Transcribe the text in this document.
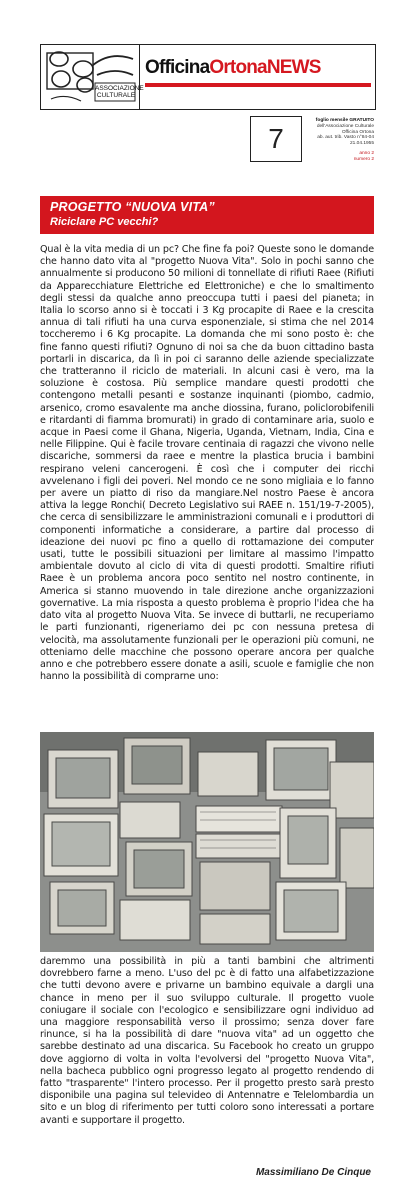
ASSOCIAZIONE CULTURALE
OfficinaOrtonaNEWS
7
foglio mensile GRATUITO
dell'Associazione Culturale
Officina Ortona
ab. aut. trib. Vasto n°84-04
21.04.1955
anno 2
numero 2
PROGETTO “NUOVA VITA”
Riciclare PC vecchi?
Qual è la vita media di un pc? Che fine fa poi? Queste sono le domande che hanno dato vita al "progetto Nuova Vita". Solo in pochi sanno che annualmente si producono 50 milioni di tonnellate di rifiuti Raee (Rifiuti da Apparecchiature Elettriche ed Elettroniche) e che lo smaltimento degli stessi da qualche anno preoccupa tutti i paesi del pianeta; in Italia lo scorso anno si è toccati i 3 Kg procapite di Raee e la crescita annua di tali rifiuti ha una curva esponenziale, si stima che nel 2014 toccheremo i 6 Kg procapite. La domanda che mi sono posto è: che fine fanno questi rifiuti? Ognuno di noi sa che da buon cittadino basta portarli in discarica, da lì in poi ci saranno delle aziende specializzate che tratteranno il riciclo de materiali. In alcuni casi è vero, ma la soluzione è costosa. Più semplice mandare questi prodotti che contengono metalli pesanti e sostanze inquinanti (piombo, cadmio, arsenico, cromo esavalente ma anche diossina, furano, policlorobifenili e ritardanti di fiamma bromurati) in grado di contaminare aria, suolo e acque in Paesi come il Ghana, Nigeria, Uganda, Vietnam, India, Cina e nelle Filippine. Qui è facile trovare centinaia di ragazzi che vivono nelle discariche, sommersi da raee e mentre la plastica brucia i bambini respirano veleni cancerogeni. È così che i computer dei ricchi avvelenano i figli dei poveri. Nel mondo ce ne sono migliaia e lo fanno per avere un piatto di riso da mangiare.Nel nostro Paese è ancora attiva la legge Ronchi( Decreto Legislativo sui RAEE n. 151/19-7-2005), che cerca di sensibilizzare le amministrazioni comunali e i produttori di componenti informatiche a considerare, a partire dal processo di ideazione dei nuovi pc fino a quello di rottamazione dei computer usati, tutte le possibili situazioni per limitare al massimo l'impatto ambientale dovuto al ciclo di vita di questi prodotti. Smaltire rifiuti Raee è un problema ancora poco sentito nel nostro continente, in America si stanno muovendo in tale direzione anche organizzazioni governative. La mia risposta a questo problema è proprio l'idea che ha dato vita al progetto Nuova Vita. Se invece di buttarli, ne recuperiamo le parti funzionanti, rigeneriamo dei pc con nessuna pretesa di velocità, ma assolutamente funzionali per le operazioni più comuni, ne otteniamo delle macchine che possono operare ancora per qualche anno e che potrebbero essere donate a asili, scuole e famiglie che non hanno la possibilità di comprarne uno:
daremmo una possibilità in più a tanti bambini che altrimenti dovrebbero farne a meno. L'uso del pc è di fatto una alfabetizzazione che tutti devono avere e privarne un bambino equivale a dargli una chance in meno per il suo sviluppo culturale. Il progetto vuole coniugare il sociale con l'ecologico e sensibilizzare ogni individuo ad una maggiore responsabilità verso il prossimo; senza dover fare rinunce, si ha la possibilità di dare "nuova vita" ad un oggetto che sarebbe destinato ad una discarica. Su Facebook ho creato un gruppo dove aggiorno di volta in volta l'evolversi del "progetto Nuova Vita", nella bacheca pubblico ogni progresso legato al progetto rendendo di fatto "trasparente" l'intero processo. Per il progetto presto sarà presto disponibile una pagina sul televideo di Antennatre e Telelombardia un sito e un blog di riferimento per tutti coloro sono interessati a portare avanti e supportare il progetto.
Massimiliano De Cinque
